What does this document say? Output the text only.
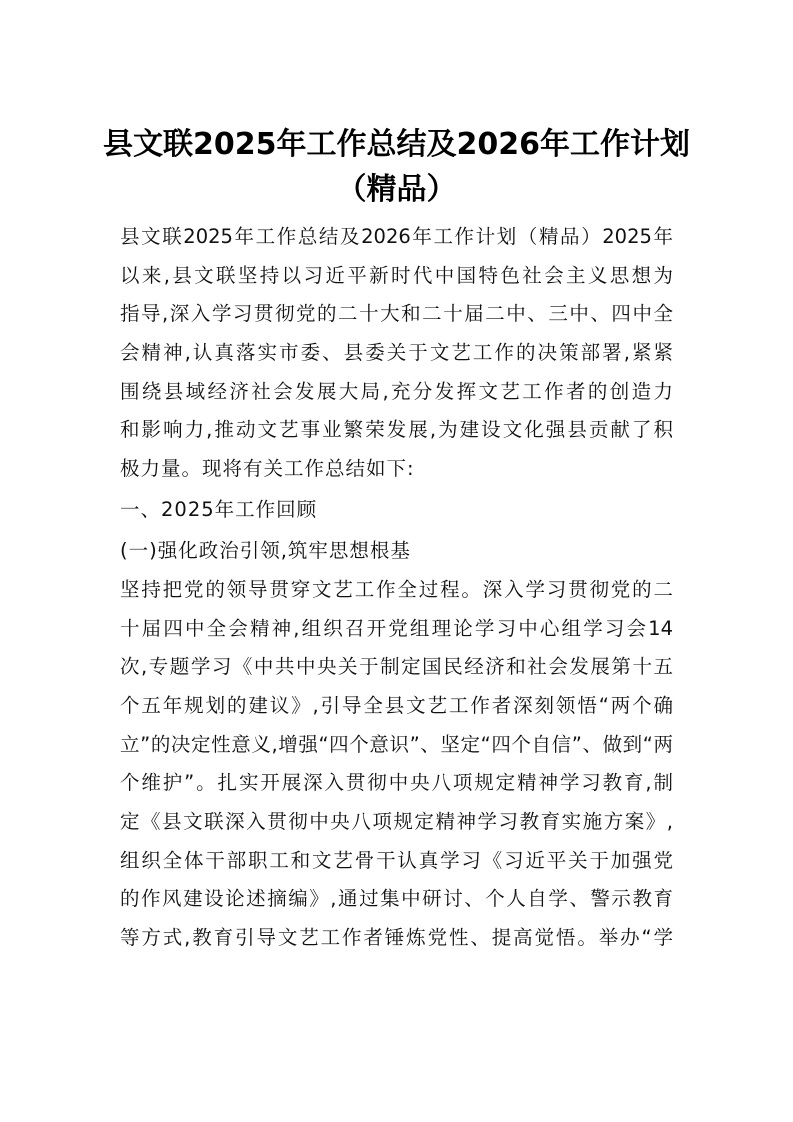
县文联2025年工作总结及2026年工作计划
（精品）
县文联2025年工作总结及2026年工作计划（精品）2025年
以来,县文联坚持以习近平新时代中国特色社会主义思想为
指导,深入学习贯彻党的二十大和二十届二中、三中、四中全
会精神,认真落实市委、县委关于文艺工作的决策部署,紧紧
围绕县域经济社会发展大局,充分发挥文艺工作者的创造力
和影响力,推动文艺事业繁荣发展,为建设文化强县贡献了积
极力量。现将有关工作总结如下:
一、2025年工作回顾
(一)强化政治引领,筑牢思想根基
坚持把党的领导贯穿文艺工作全过程。深入学习贯彻党的二
十届四中全会精神,组织召开党组理论学习中心组学习会14
次,专题学习《中共中央关于制定国民经济和社会发展第十五
个五年规划的建议》,引导全县文艺工作者深刻领悟“两个确
立”的决定性意义,增强“四个意识”、坚定“四个自信”、做到“两
个维护”。扎实开展深入贯彻中央八项规定精神学习教育,制
定《县文联深入贯彻中央八项规定精神学习教育实施方案》,
组织全体干部职工和文艺骨干认真学习《习近平关于加强党
的作风建设论述摘编》,通过集中研讨、个人自学、警示教育
等方式,教育引导文艺工作者锤炼党性、提高觉悟。举办“学
